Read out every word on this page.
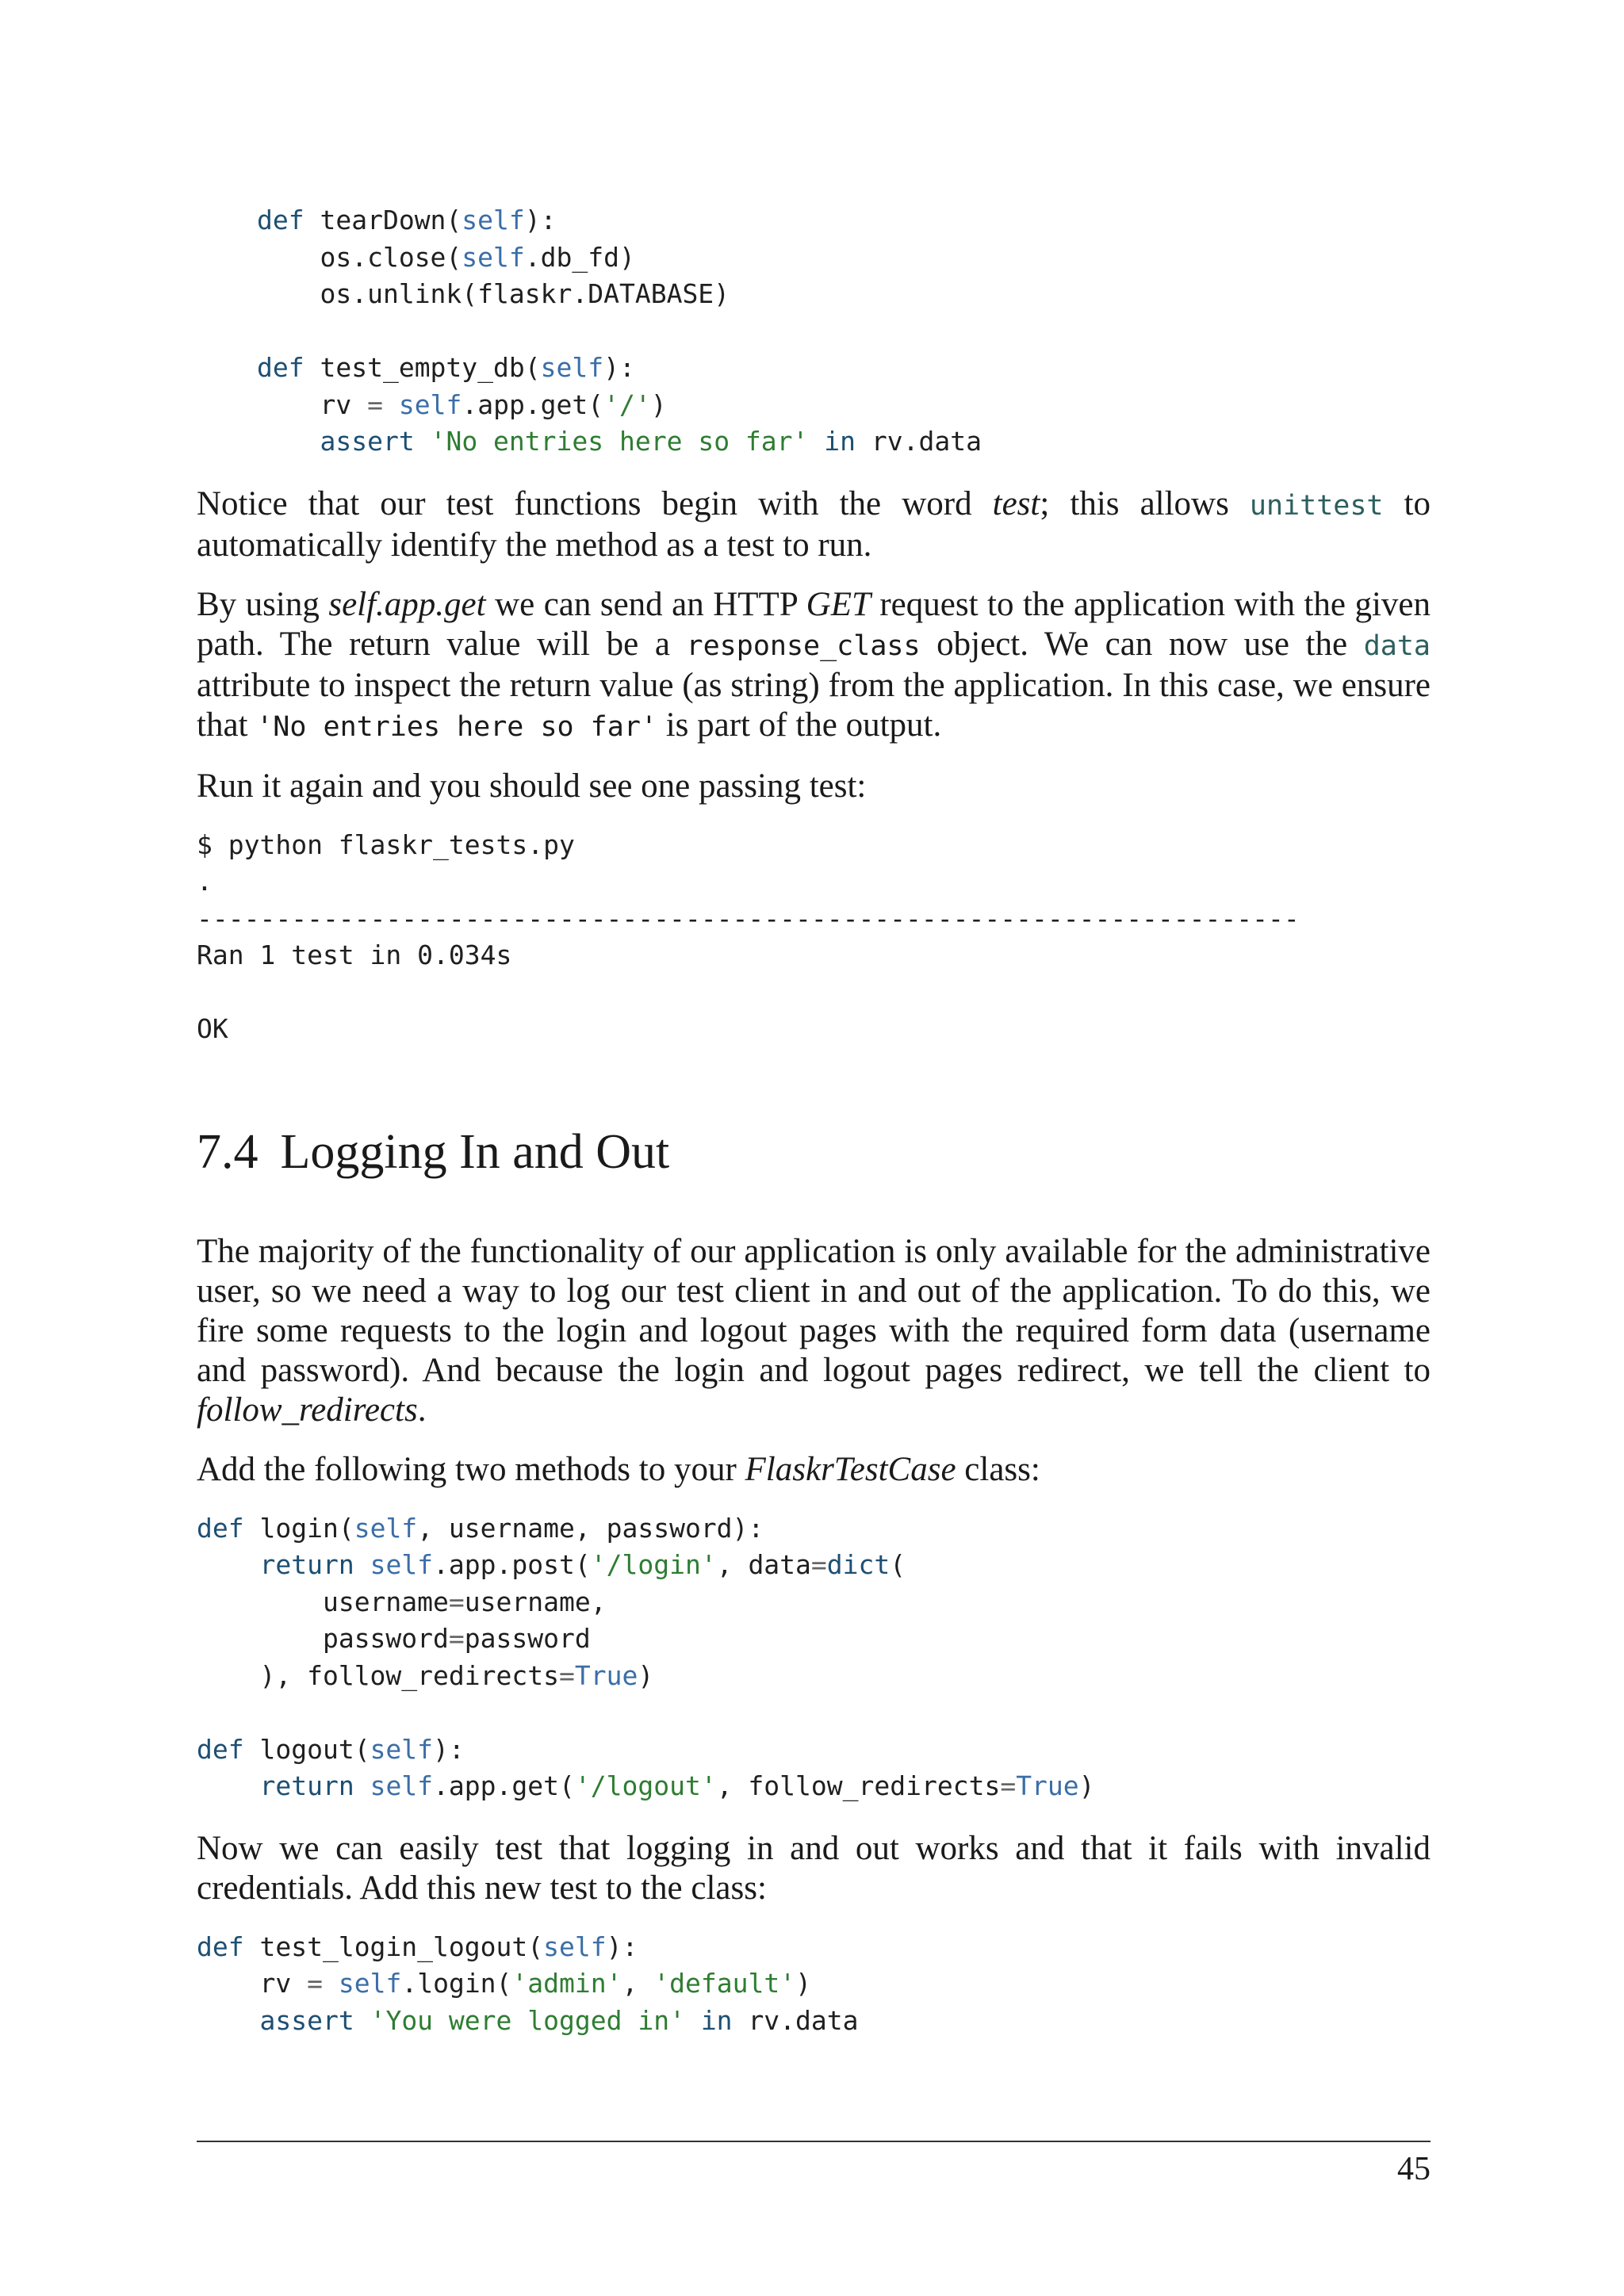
def tearDown(self):
os.close(self.db_fd)
os.unlink(flaskr.DATABASE)

def test_empty_db(self):
rv = self.app.get('/')
assert 'No entries here so far' in rv.data

Notice that our test functions begin with the word test; this allows unittest to automatically identify the method as a test to run.

By using self.app.get we can send an HTTP GET request to the application with the given path. The return value will be a response_class object. We can now use the data attribute to inspect the return value (as string) from the application. In this case, we ensure that 'No entries here so far' is part of the output.

Run it again and you should see one passing test:

$ python flaskr_tests.py
.
----------------------------------------------------------------------
Ran 1 test in 0.034s

OK
7.4 Logging In and Out

The majority of the functionality of our application is only available for the administrative user, so we need a way to log our test client in and out of the application. To do this, we fire some requests to the login and logout pages with the required form data (username and password). And because the login and logout pages redirect, we tell the client to follow_redirects.

Add the following two methods to your FlaskrTestCase class:

def login(self, username, password):
return self.app.post('/login', data=dict(
username=username,
password=password
), follow_redirects=True)

def logout(self):
return self.app.get('/logout', follow_redirects=True)

Now we can easily test that logging in and out works and that it fails with invalid credentials. Add this new test to the class:

def test_login_logout(self):
rv = self.login('admin', 'default')
assert 'You were logged in' in rv.data
45
